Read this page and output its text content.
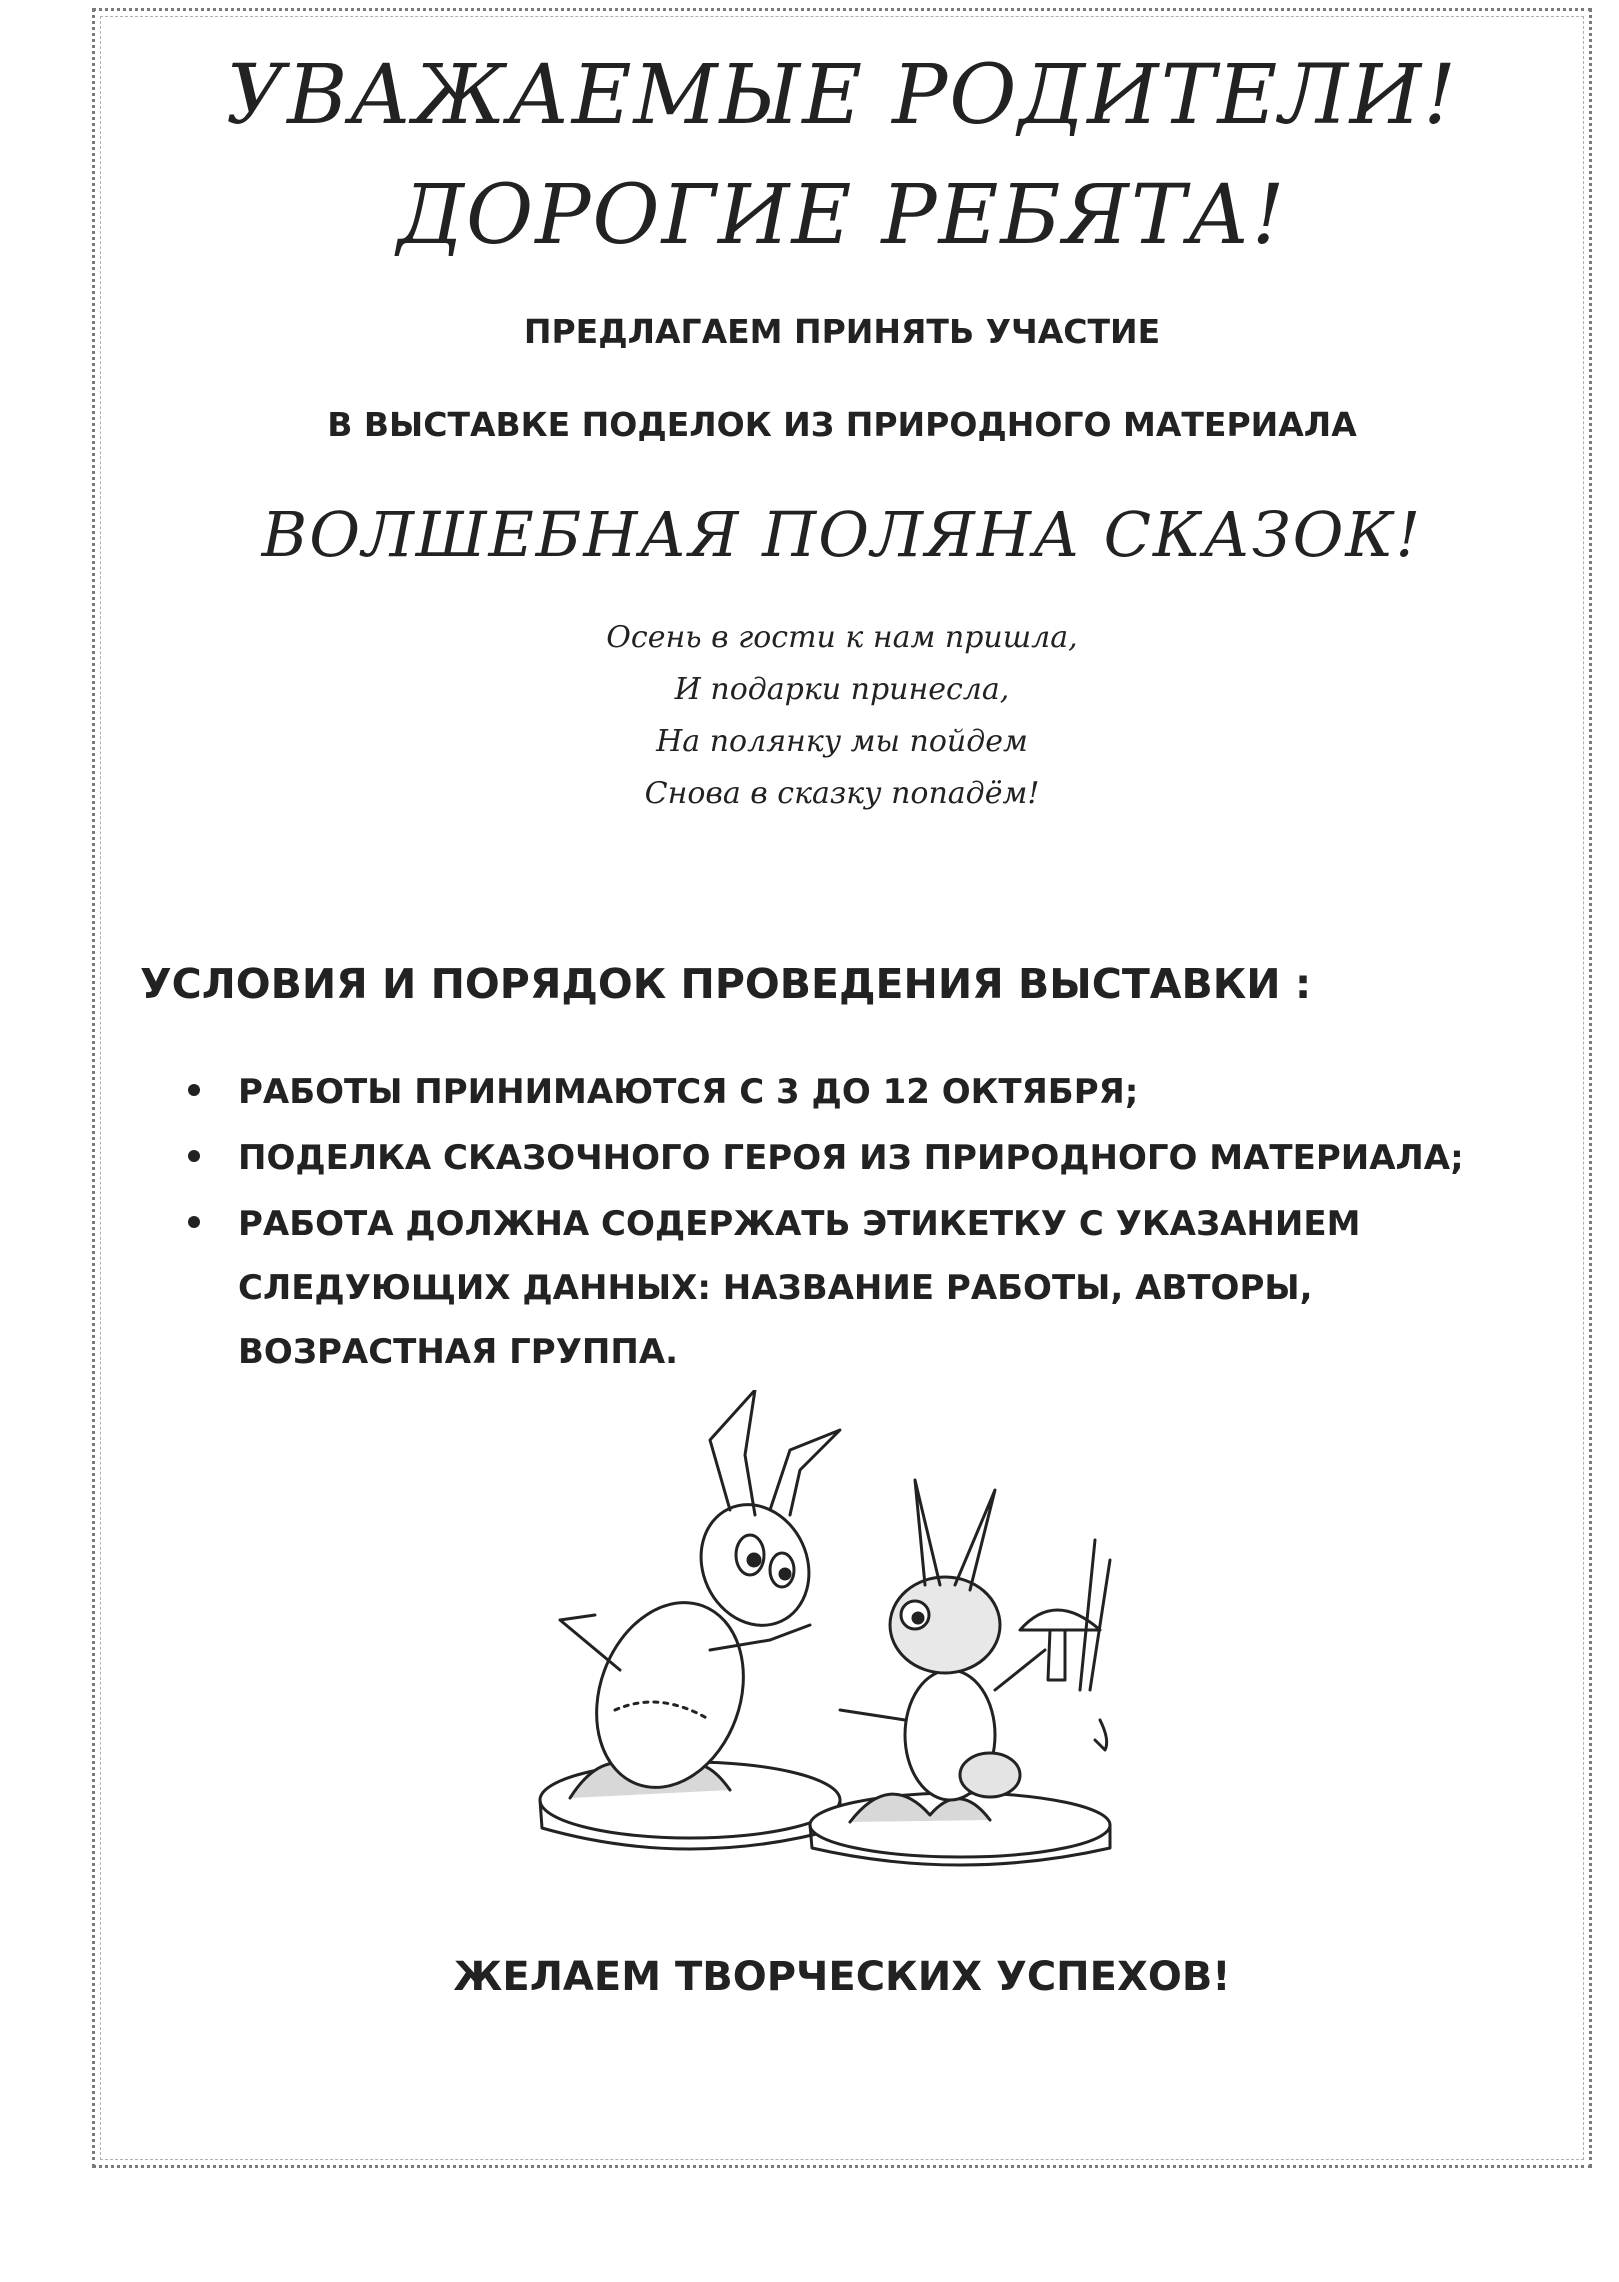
УВАЖАЕМЫЕ РОДИТЕЛИ!
ДОРОГИЕ РЕБЯТА!
ПРЕДЛАГАЕМ ПРИНЯТЬ УЧАСТИЕ
В ВЫСТАВКЕ ПОДЕЛОК ИЗ ПРИРОДНОГО МАТЕРИАЛА
ВОЛШЕБНАЯ ПОЛЯНА СКАЗОК!
Осень в гости к нам пришла,
И подарки принесла,
На полянку мы пойдем
Снова в сказку попадём!
УСЛОВИЯ И ПОРЯДОК ПРОВЕДЕНИЯ ВЫСТАВКИ :
РАБОТЫ ПРИНИМАЮТСЯ С 3 ДО 12 ОКТЯБРЯ;
ПОДЕЛКА СКАЗОЧНОГО ГЕРОЯ ИЗ ПРИРОДНОГО МАТЕРИАЛА;
РАБОТА ДОЛЖНА СОДЕРЖАТЬ ЭТИКЕТКУ С УКАЗАНИЕМ СЛЕДУЮЩИХ ДАННЫХ: НАЗВАНИЕ РАБОТЫ, АВТОРЫ, ВОЗРАСТНАЯ ГРУППА.
ЖЕЛАЕМ ТВОРЧЕСКИХ УСПЕХОВ!
